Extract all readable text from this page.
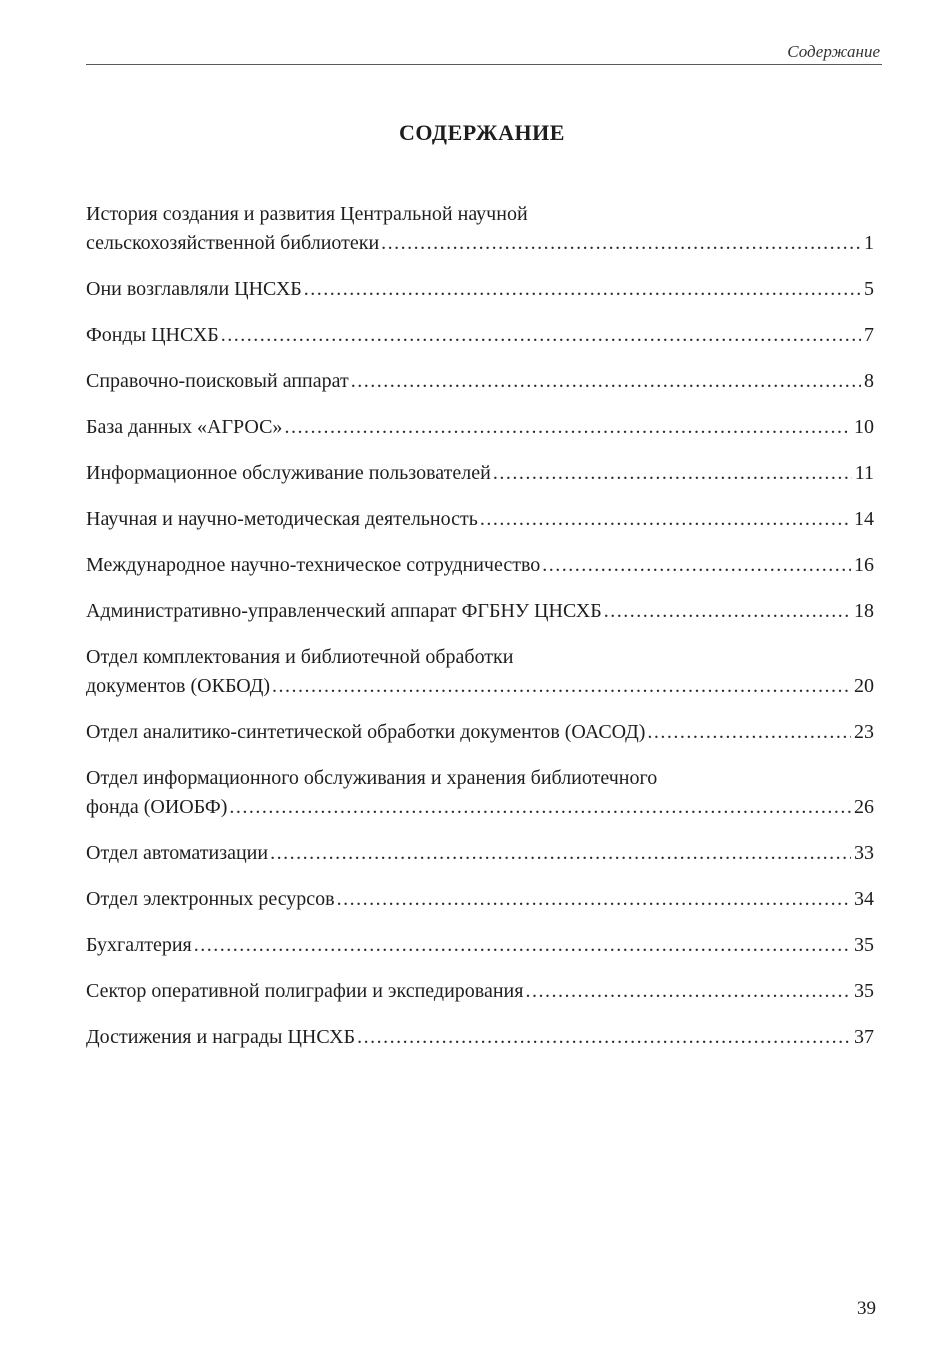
Содержание
СОДЕРЖАНИЕ
История создания и развития Центральной научной
сельскохозяйственной библиотеки .....	1
Они возглавляли ЦНСХБ .....	5
Фонды ЦНСХБ .....	7
Справочно-поисковый аппарат .....	8
База данных «АГРОС» .....	10
Информационное обслуживание пользователей .....	11
Научная и научно-методическая деятельность .....	14
Международное научно-техническое сотрудничество .....	16
Административно-управленческий аппарат ФГБНУ ЦНСХБ .....	18
Отдел комплектования и библиотечной обработки
документов (ОКБОД) .....	20
Отдел аналитико-синтетической обработки документов (ОАСОД) .....	23
Отдел информационного обслуживания и хранения библиотечного
фонда (ОИОБФ) .....	26
Отдел автоматизации .....	33
Отдел электронных ресурсов .....	34
Бухгалтерия .....	35
Сектор оперативной полиграфии и экспедирования .....	35
Достижения и награды ЦНСХБ .....	37
39
